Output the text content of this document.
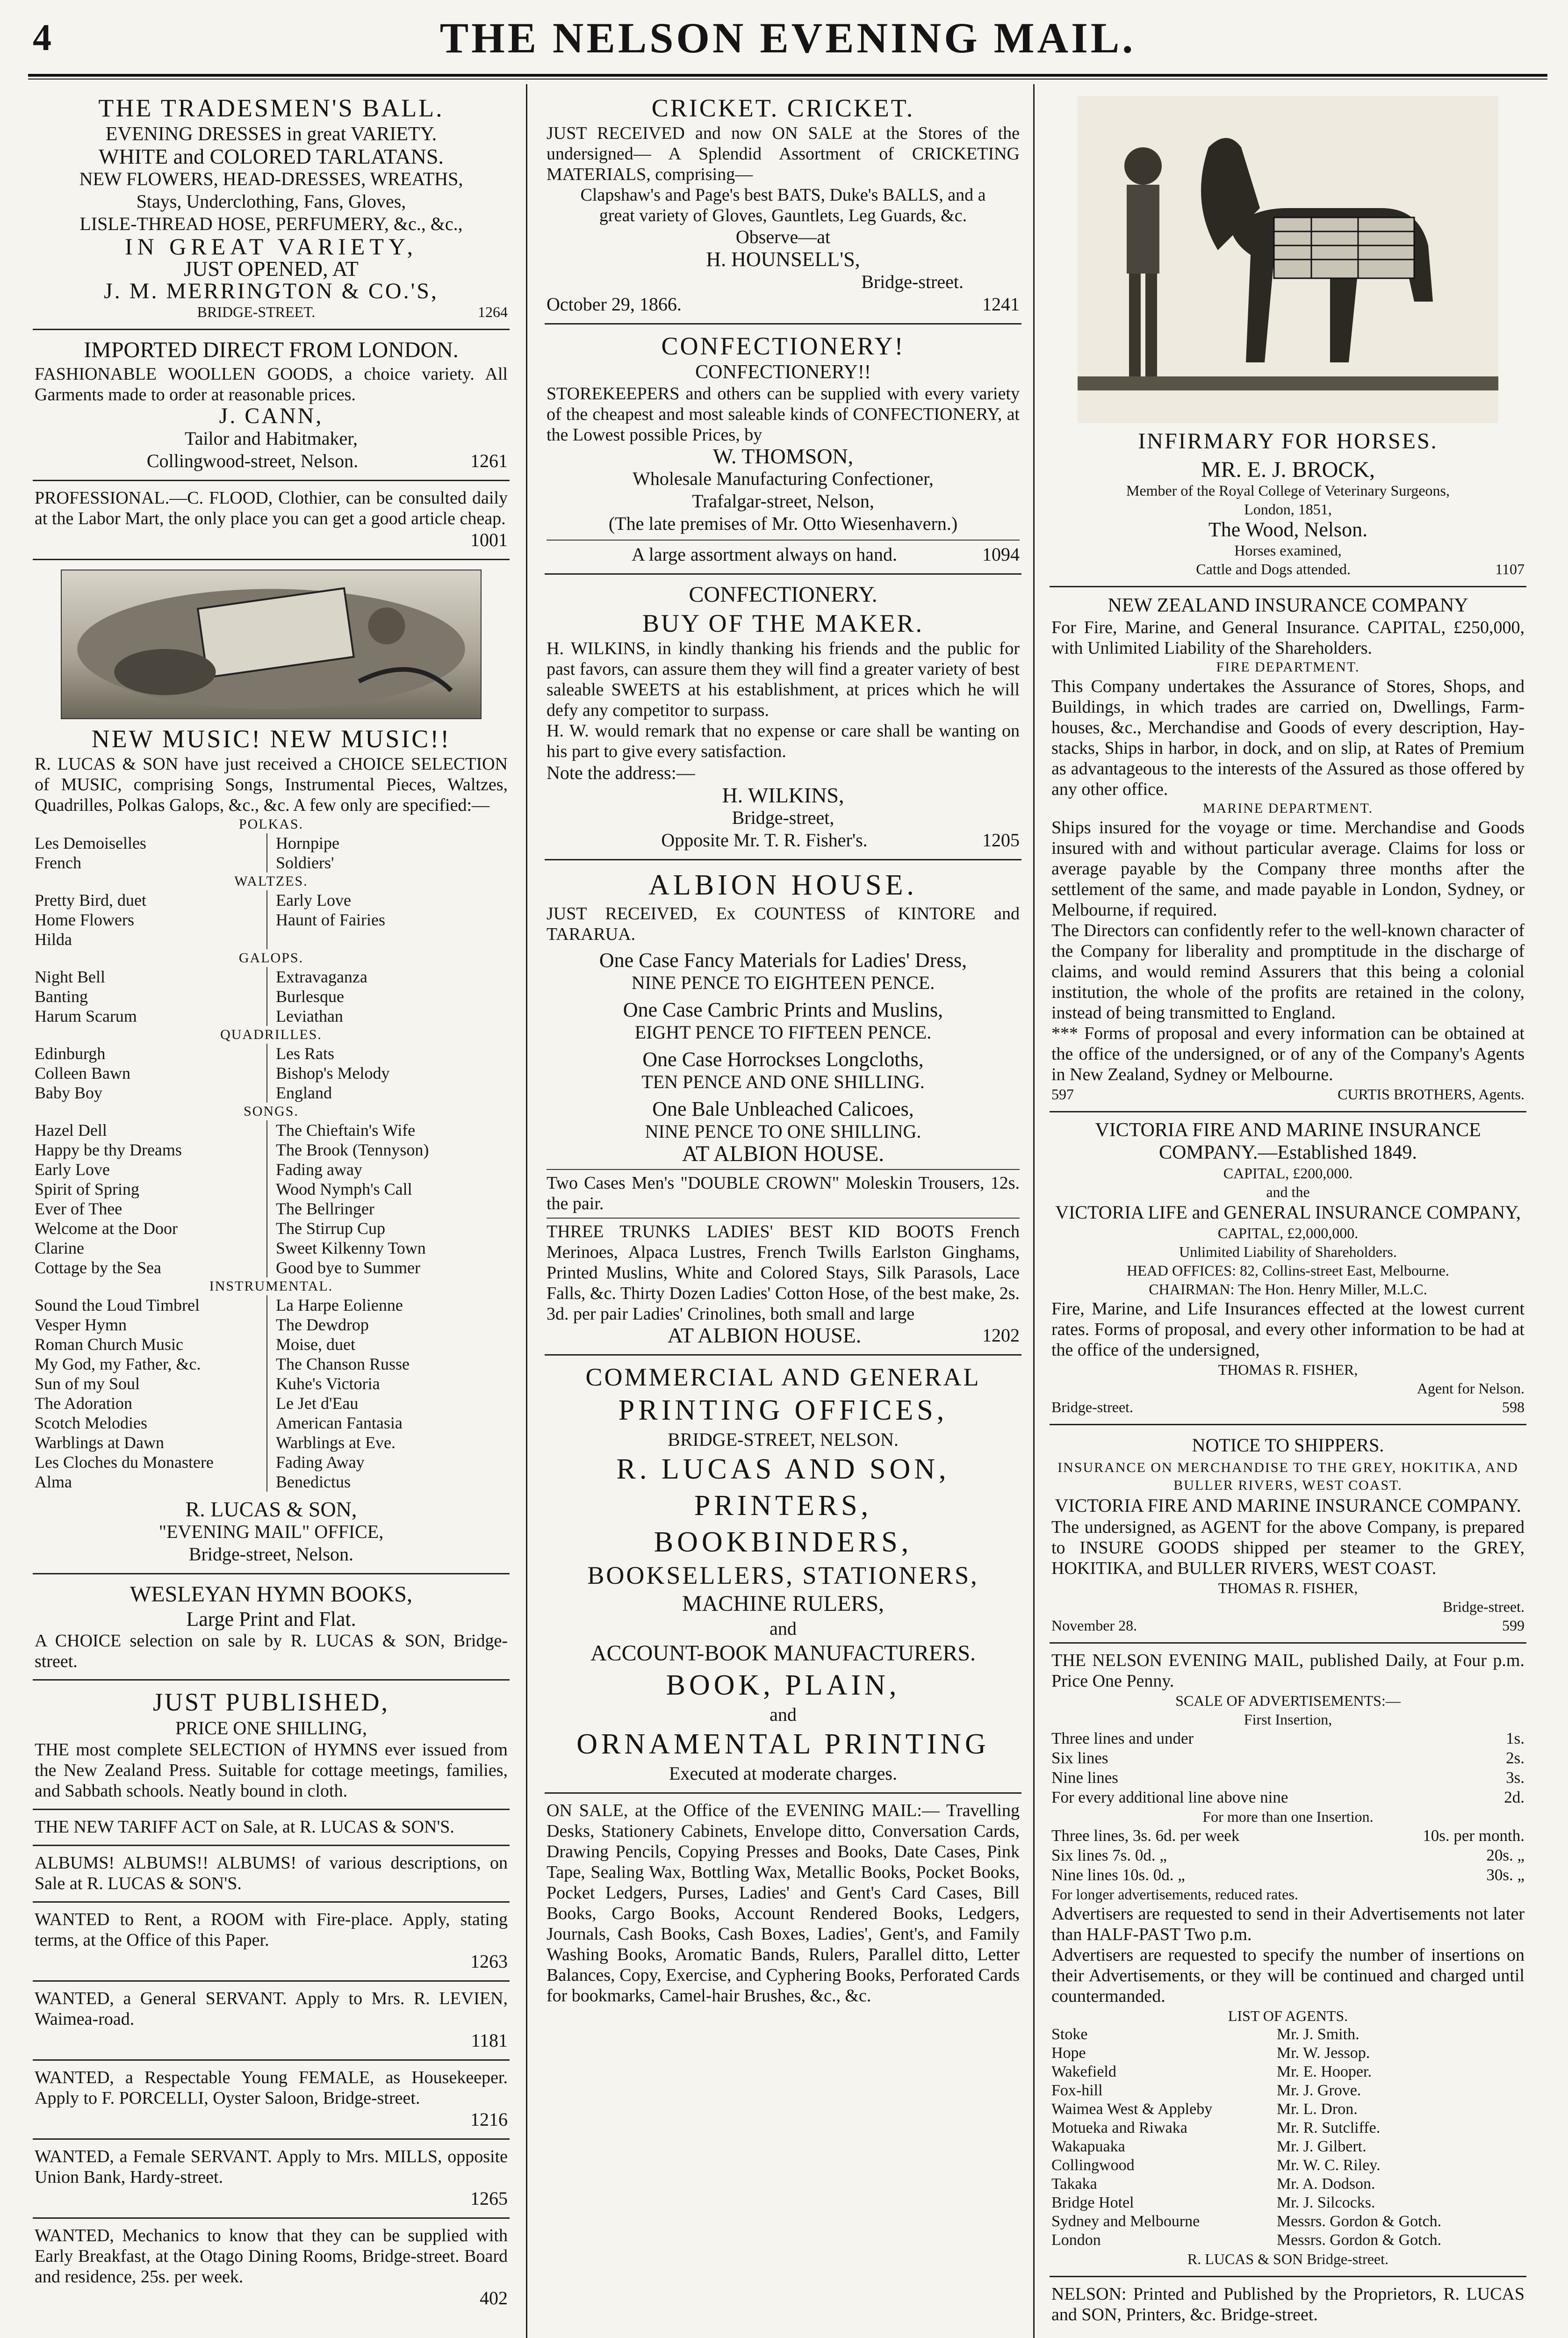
4	THE NELSON EVENING MAIL.
THE TRADESMEN'S BALL.
EVENING DRESSES in great VARIETY.
WHITE and COLORED TARLATANS.
NEW FLOWERS, HEAD-DRESSES, WREATHS,
Stays, Underclothing, Fans, Gloves,
LISLE-THREAD HOSE, PERFUMERY, &c., &c.,
IN GREAT VARIETY,
JUST OPENED, AT
J. M. MERRINGTON & CO.'S,
BRIDGE-STREET.	1264
IMPORTED DIRECT FROM LONDON.
FASHIONABLE WOOLLEN GOODS, a choice variety. All Garments made to order at reasonable prices.
J. CANN,
Tailor and Habitmaker,
Collingwood-street, Nelson.	1261
PROFESSIONAL.—C. FLOOD, Clothier, can be consulted daily at the Labor Mart, the only place you can get a good article cheap.
1001
NEW MUSIC! NEW MUSIC!!
R. LUCAS & SON have just received a CHOICE SELECTION of MUSIC, comprising Songs, Instrumental Pieces, Waltzes, Quadrilles, Polkas Galops, &c., &c. A few only are specified:—
POLKAS.
Les Demoiselles	Hornpipe
French	Soldiers'
WALTZES.
Pretty Bird, duet	Early Love
Home Flowers	Haunt of Fairies
Hilda
GALOPS.
Night Bell	Extravaganza
Banting	Burlesque
Harum Scarum	Leviathan
QUADRILLES.
Edinburgh	Les Rats
Colleen Bawn	Bishop's Melody
Baby Boy	England
SONGS.
Hazel Dell	The Chieftain's Wife
Happy be thy Dreams	The Brook (Tennyson)
Early Love	Fading away
Spirit of Spring	Wood Nymph's Call
Ever of Thee	The Bellringer
Welcome at the Door	The Stirrup Cup
Clarine	Sweet Kilkenny Town
Cottage by the Sea	Good bye to Summer
INSTRUMENTAL.
Sound the Loud Timbrel	La Harpe Eolienne
Vesper Hymn	The Dewdrop
Roman Church Music	Moise, duet
My God, my Father, &c.	The Chanson Russe
Sun of my Soul	Kuhe's Victoria
The Adoration	Le Jet d'Eau
Scotch Melodies	American Fantasia
Warblings at Dawn	Warblings at Eve.
Les Cloches du Monastere	Fading Away
Alma	Benedictus
R. LUCAS & SON,
"EVENING MAIL" OFFICE,
Bridge-street, Nelson.
WESLEYAN HYMN BOOKS,
Large Print and Flat.
A CHOICE selection on sale by R. LUCAS & SON, Bridge-street.
JUST PUBLISHED,
PRICE ONE SHILLING,
THE most complete SELECTION of HYMNS ever issued from the New Zealand Press. Suitable for cottage meetings, families, and Sabbath schools. Neatly bound in cloth.
THE NEW TARIFF ACT on Sale, at R. LUCAS & SON'S.
ALBUMS! ALBUMS!! ALBUMS! of various descriptions, on Sale at R. LUCAS & SON'S.
WANTED to Rent, a ROOM with Fire-place. Apply, stating terms, at the Office of this Paper.
1263
WANTED, a General SERVANT. Apply to Mrs. R. LEVIEN, Waimea-road.
1181
WANTED, a Respectable Young FEMALE, as Housekeeper. Apply to F. PORCELLI, Oyster Saloon, Bridge-street.
1216
WANTED, a Female SERVANT. Apply to Mrs. MILLS, opposite Union Bank, Hardy-street.
1265
WANTED, Mechanics to know that they can be supplied with Early Breakfast, at the Otago Dining Rooms, Bridge-street. Board and residence, 25s. per week.
402
CRICKET. CRICKET.
JUST RECEIVED and now ON SALE at the Stores of the undersigned— A Splendid Assortment of CRICKETING MATERIALS, comprising—
Clapshaw's and Page's best BATS, Duke's BALLS, and a great variety of Gloves, Gauntlets, Leg Guards, &c.
Observe—at
H. HOUNSELL'S,
Bridge-street.
October 29, 1866.	1241
CONFECTIONERY!
CONFECTIONERY!!
STOREKEEPERS and others can be supplied with every variety of the cheapest and most saleable kinds of CONFECTIONERY, at the Lowest possible Prices, by
W. THOMSON,
Wholesale Manufacturing Confectioner,
Trafalgar-street, Nelson,
(The late premises of Mr. Otto Wiesenhavern.)
A large assortment always on hand.	1094
CONFECTIONERY.
BUY OF THE MAKER.
H. WILKINS, in kindly thanking his friends and the public for past favors, can assure them they will find a greater variety of best saleable SWEETS at his establishment, at prices which he will defy any competitor to surpass.
H. W. would remark that no expense or care shall be wanting on his part to give every satisfaction.
Note the address:—
H. WILKINS,
Bridge-street,
Opposite Mr. T. R. Fisher's.	1205
ALBION HOUSE.
JUST RECEIVED, Ex COUNTESS of KINTORE and TARARUA.
One Case Fancy Materials for Ladies' Dress,
NINE PENCE TO EIGHTEEN PENCE.
One Case Cambric Prints and Muslins,
EIGHT PENCE TO FIFTEEN PENCE.
One Case Horrockses Longcloths,
TEN PENCE AND ONE SHILLING.
One Bale Unbleached Calicoes,
NINE PENCE TO ONE SHILLING.
AT ALBION HOUSE.
Two Cases Men's "DOUBLE CROWN" Moleskin Trousers, 12s. the pair.
THREE TRUNKS LADIES' BEST KID BOOTS French Merinoes, Alpaca Lustres, French Twills Earlston Ginghams, Printed Muslins, White and Colored Stays, Silk Parasols, Lace Falls, &c. Thirty Dozen Ladies' Cotton Hose, of the best make, 2s. 3d. per pair Ladies' Crinolines, both small and large
AT ALBION HOUSE.	1202
COMMERCIAL AND GENERAL
PRINTING OFFICES,
BRIDGE-STREET, NELSON.
R. LUCAS AND SON,
PRINTERS,
BOOKBINDERS,
BOOKSELLERS, STATIONERS,
MACHINE RULERS,
and
ACCOUNT-BOOK MANUFACTURERS.
BOOK, PLAIN,
and
ORNAMENTAL PRINTING
Executed at moderate charges.
ON SALE, at the Office of the EVENING MAIL:— Travelling Desks, Stationery Cabinets, Envelope ditto, Conversation Cards, Drawing Pencils, Copying Presses and Books, Date Cases, Pink Tape, Sealing Wax, Bottling Wax, Metallic Books, Pocket Books, Pocket Ledgers, Purses, Ladies' and Gent's Card Cases, Bill Books, Cargo Books, Account Rendered Books, Ledgers, Journals, Cash Books, Cash Boxes, Ladies', Gent's, and Family Washing Books, Aromatic Bands, Rulers, Parallel ditto, Letter Balances, Copy, Exercise, and Cyphering Books, Perforated Cards for bookmarks, Camel-hair Brushes, &c., &c.
INFIRMARY FOR HORSES.
MR. E. J. BROCK,
Member of the Royal College of Veterinary Surgeons,
London, 1851,
The Wood, Nelson.
Horses examined,
Cattle and Dogs attended.	1107
NEW ZEALAND INSURANCE COMPANY
For Fire, Marine, and General Insurance. CAPITAL, £250,000, with Unlimited Liability of the Shareholders.
FIRE DEPARTMENT.
This Company undertakes the Assurance of Stores, Shops, and Buildings, in which trades are carried on, Dwellings, Farm-houses, &c., Merchandise and Goods of every description, Hay-stacks, Ships in harbor, in dock, and on slip, at Rates of Premium as advantageous to the interests of the Assured as those offered by any other office.
MARINE DEPARTMENT.
Ships insured for the voyage or time. Merchandise and Goods insured with and without particular average. Claims for loss or average payable by the Company three months after the settlement of the same, and made payable in London, Sydney, or Melbourne, if required.
The Directors can confidently refer to the well-known character of the Company for liberality and promptitude in the discharge of claims, and would remind Assurers that this being a colonial institution, the whole of the profits are retained in the colony, instead of being transmitted to England.
*** Forms of proposal and every information can be obtained at the office of the undersigned, or of any of the Company's Agents in New Zealand, Sydney or Melbourne.
597	CURTIS BROTHERS, Agents.
VICTORIA FIRE AND MARINE INSURANCE COMPANY.—Established 1849.
CAPITAL, £200,000.
and the
VICTORIA LIFE and GENERAL INSURANCE COMPANY,
CAPITAL, £2,000,000.
Unlimited Liability of Shareholders.
HEAD OFFICES: 82, Collins-street East, Melbourne.
CHAIRMAN: The Hon. Henry Miller, M.L.C.
Fire, Marine, and Life Insurances effected at the lowest current rates. Forms of proposal, and every other information to be had at the office of the undersigned,
THOMAS R. FISHER,
Agent for Nelson.
Bridge-street.	598
NOTICE TO SHIPPERS.
INSURANCE ON MERCHANDISE TO THE GREY, HOKITIKA, AND BULLER RIVERS, WEST COAST.
VICTORIA FIRE AND MARINE INSURANCE COMPANY.
The undersigned, as AGENT for the above Company, is prepared to INSURE GOODS shipped per steamer to the GREY, HOKITIKA, and BULLER RIVERS, WEST COAST.
THOMAS R. FISHER,
Bridge-street.
November 28.	599
THE NELSON EVENING MAIL, published Daily, at Four p.m. Price One Penny.
SCALE OF ADVERTISEMENTS:—
First Insertion,
Three lines and under	1s.
Six lines	2s.
Nine lines	3s.
For every additional line above nine	2d.
For more than one Insertion.
Three lines, 3s. 6d. per week	10s. per month.
Six lines 7s. 0d. „	20s. „
Nine lines 10s. 0d. „	30s. „
For longer advertisements, reduced rates.
Advertisers are requested to send in their Advertisements not later than HALF-PAST Two p.m.
Advertisers are requested to specify the number of insertions on their Advertisements, or they will be continued and charged until countermanded.
LIST OF AGENTS.
Stoke	Mr. J. Smith.
Hope	Mr. W. Jessop.
Wakefield	Mr. E. Hooper.
Fox-hill	Mr. J. Grove.
Waimea West & Appleby	Mr. L. Dron.
Motueka and Riwaka	Mr. R. Sutcliffe.
Wakapuaka	Mr. J. Gilbert.
Collingwood	Mr. W. C. Riley.
Takaka	Mr. A. Dodson.
Bridge Hotel	Mr. J. Silcocks.
Sydney and Melbourne	Messrs. Gordon & Gotch.
London	Messrs. Gordon & Gotch.
R. LUCAS & SON Bridge-street.
NELSON: Printed and Published by the Proprietors, R. LUCAS and SON, Printers, &c. Bridge-street.
